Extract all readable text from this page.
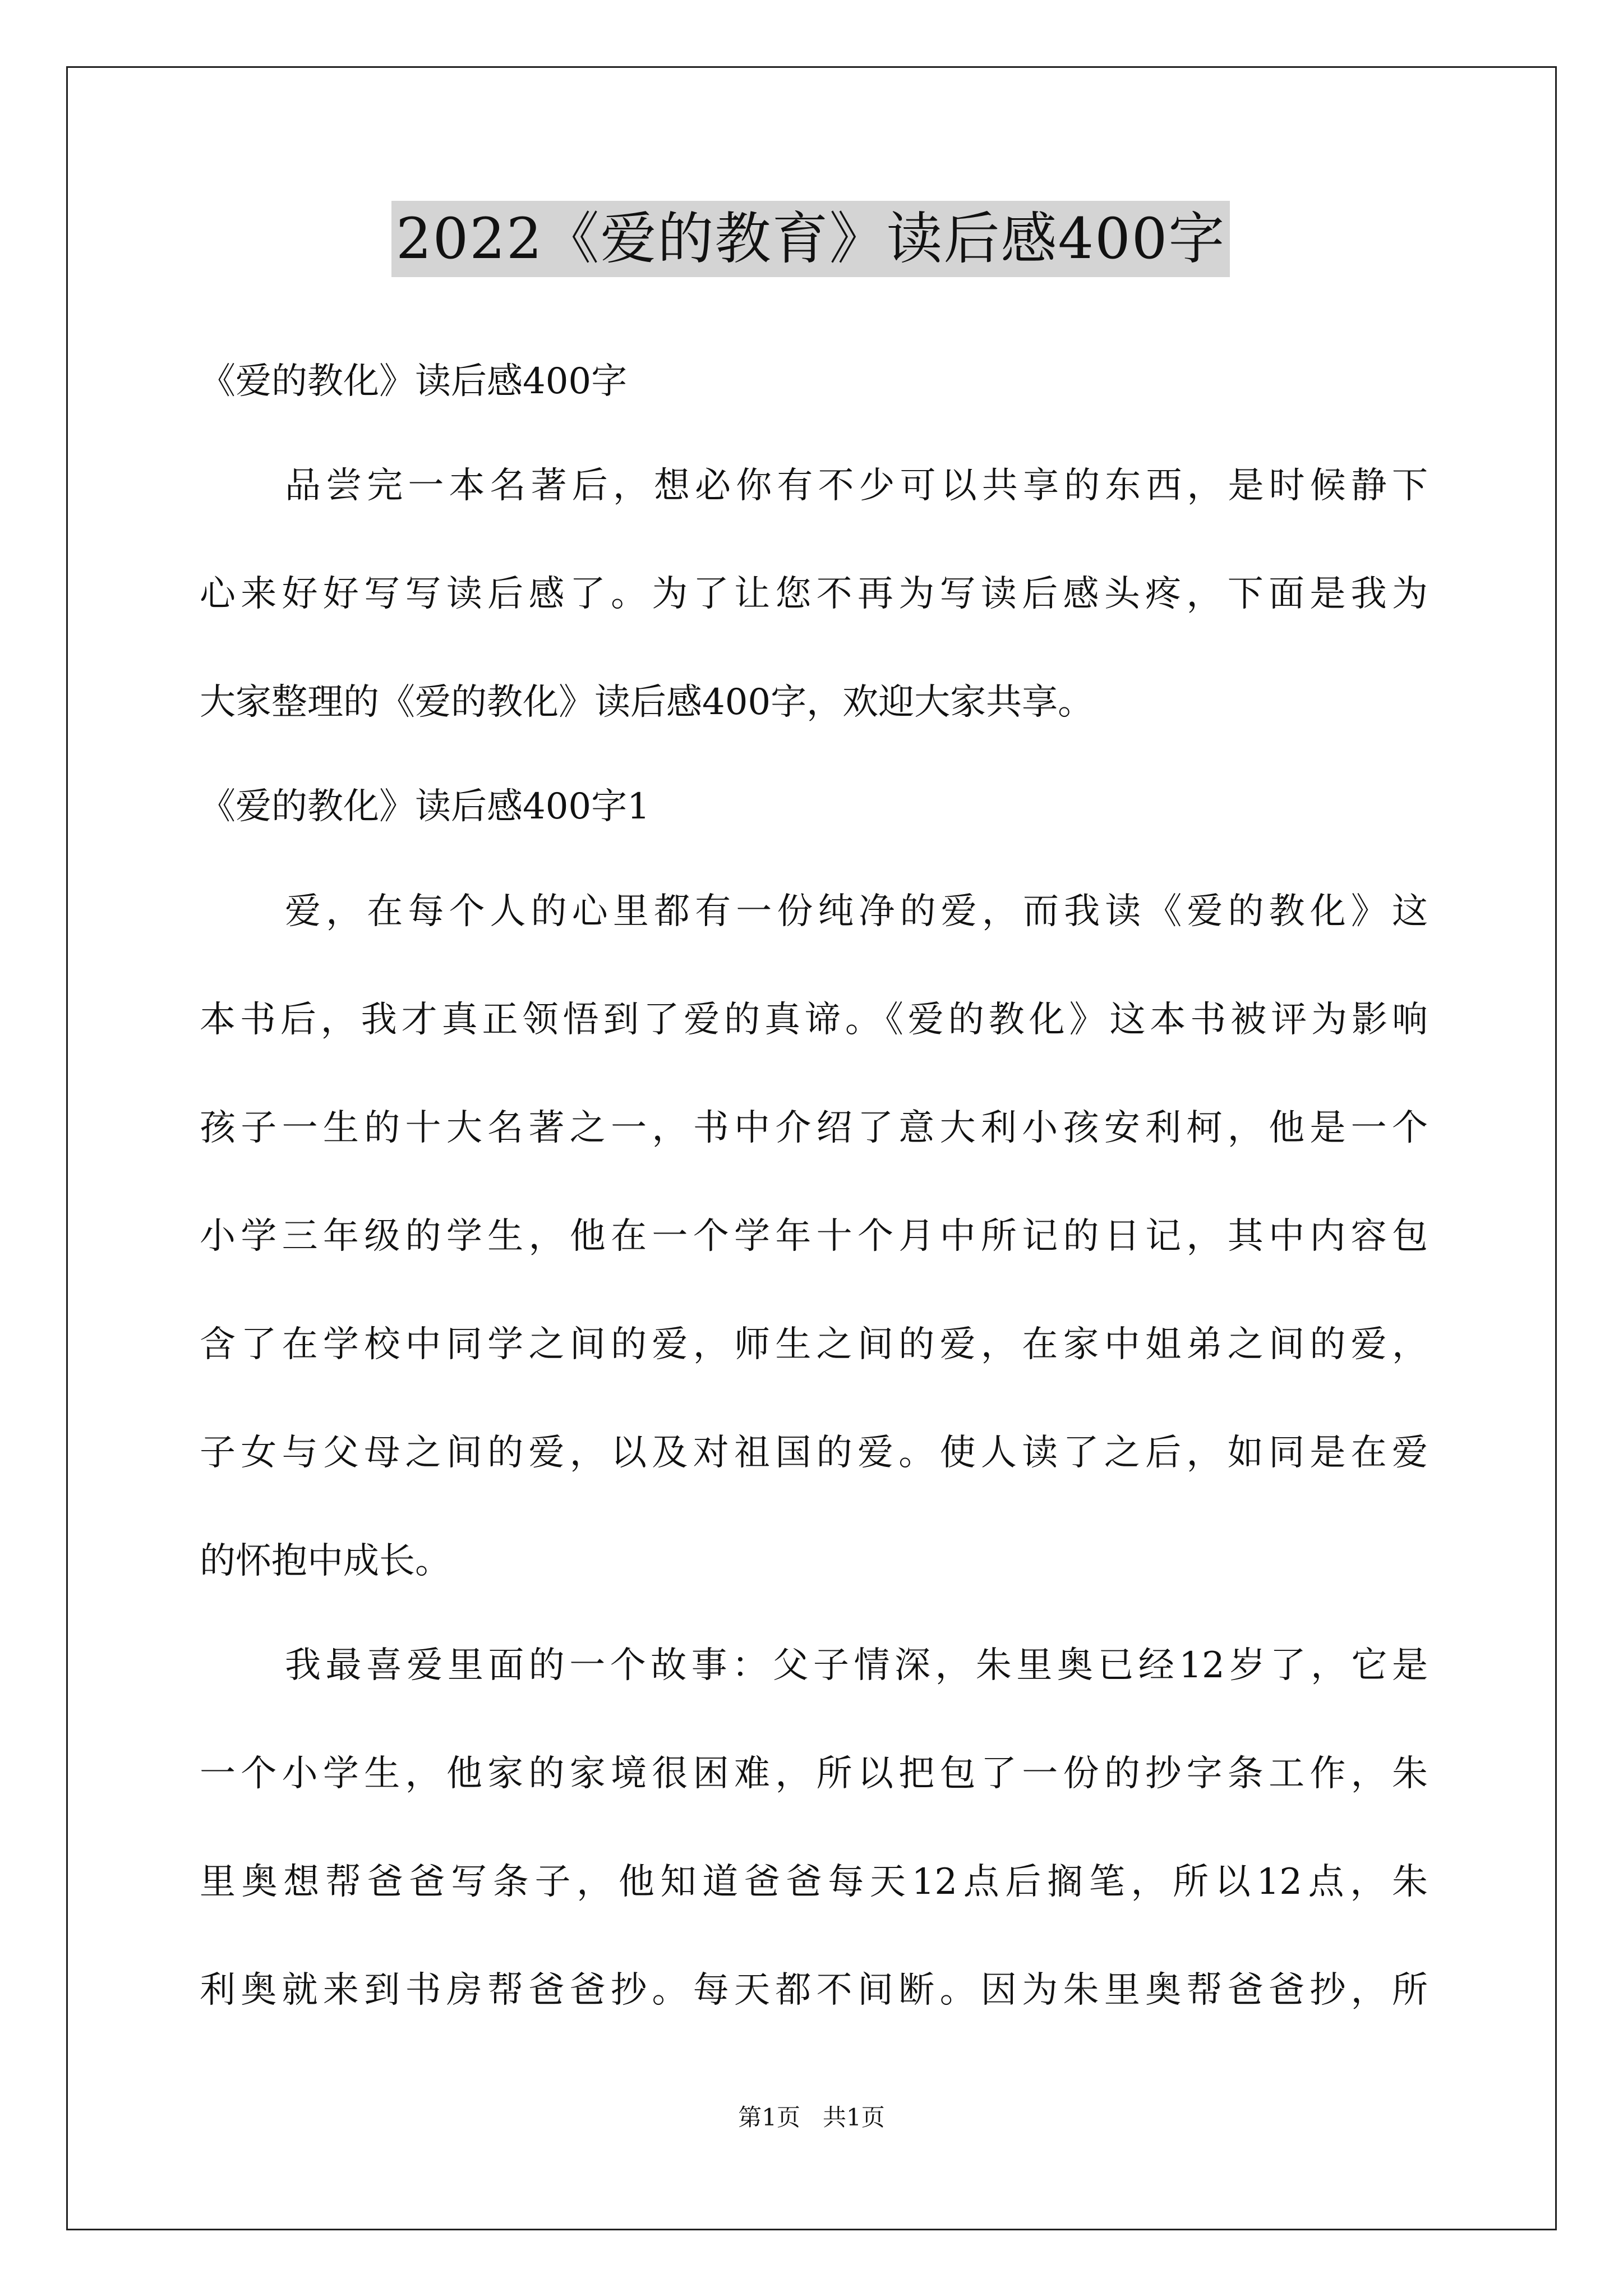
2022《爱的教育》读后感400字
《爱的教化》读后感400字
品尝完一本名著后，想必你有不少可以共享的东西，是时候静下
心来好好写写读后感了。为了让您不再为写读后感头疼，下面是我为
大家整理的《爱的教化》读后感400字，欢迎大家共享。
《爱的教化》读后感400字1
爱，在每个人的心里都有一份纯净的爱，而我读《爱的教化》这
本书后，我才真正领悟到了爱的真谛。《爱的教化》这本书被评为影响
孩子一生的十大名著之一，书中介绍了意大利小孩安利柯，他是一个
小学三年级的学生，他在一个学年十个月中所记的日记，其中内容包
含了在学校中同学之间的爱，师生之间的爱，在家中姐弟之间的爱，
子女与父母之间的爱，以及对祖国的爱。使人读了之后，如同是在爱
的怀抱中成长。
我最喜爱里面的一个故事：父子情深，朱里奥已经12岁了，它是
一个小学生，他家的家境很困难，所以把包了一份的抄字条工作，朱
里奥想帮爸爸写条子，他知道爸爸每天12点后搁笔，所以12点，朱
利奥就来到书房帮爸爸抄。每天都不间断。因为朱里奥帮爸爸抄，所
第1页   共1页
